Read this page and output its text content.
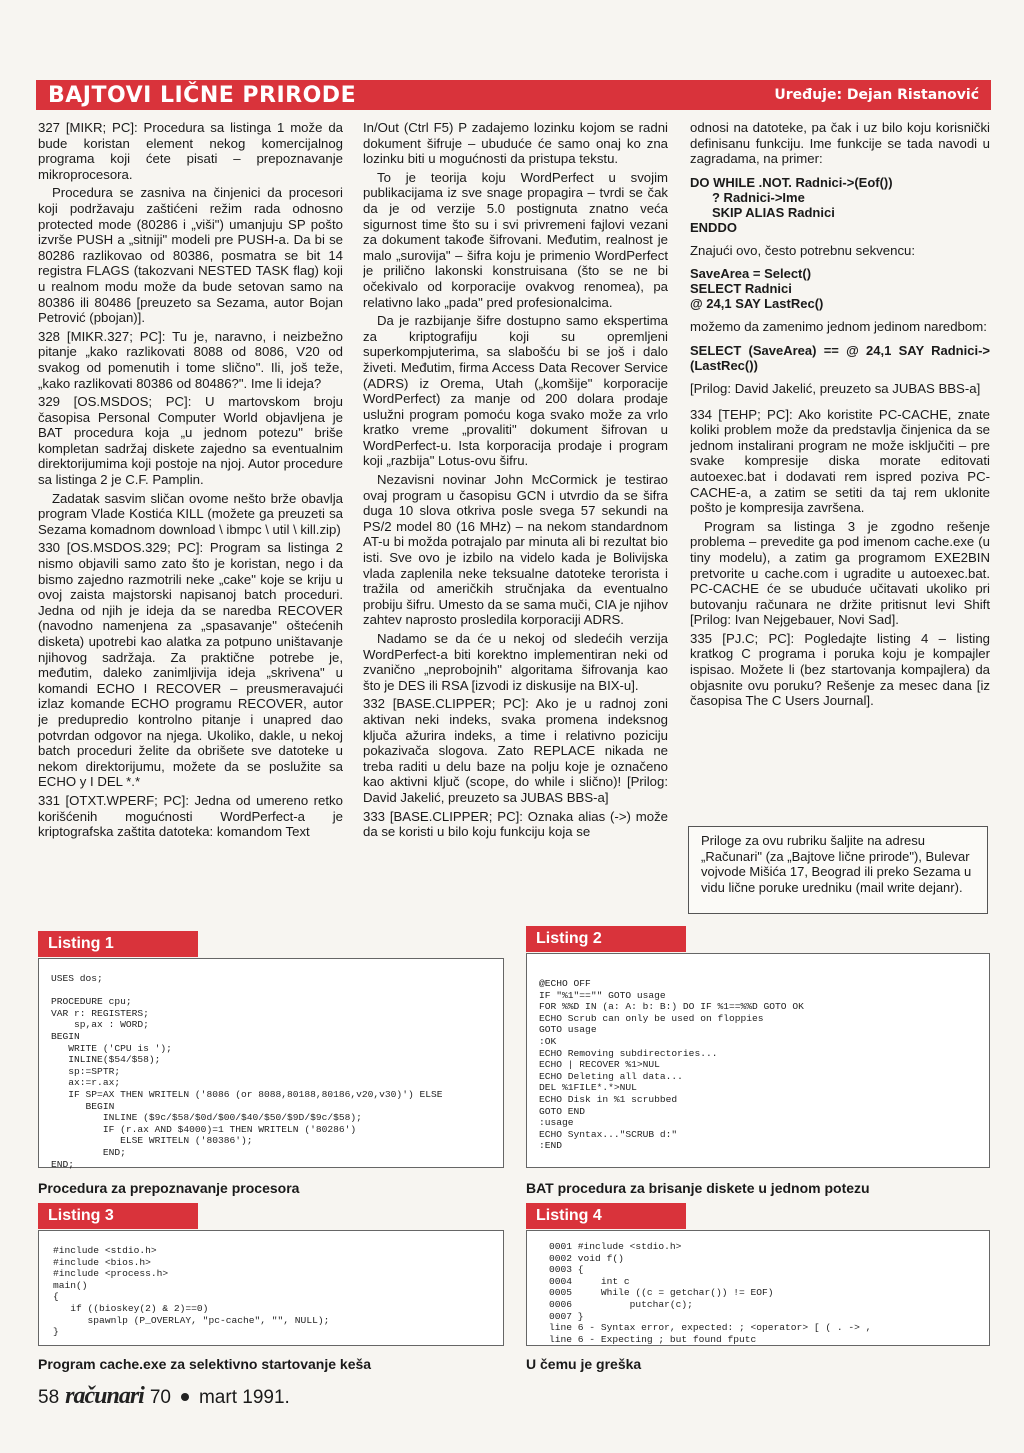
BAJTOVI LIČNE PRIRODE	Uređuje: Dejan Ristanović

327 [MIKR; PC]: Procedura sa listinga 1 može da bude koristan element nekog komercijalnog programa koji ćete pisati – prepoznavanje mikroprocesora.

Procedura se zasniva na činjenici da procesori koji podržavaju zaštićeni režim rada odnosno protected mode (80286 i „viši") umanjuju SP pošto izvrše PUSH a „sitniji" modeli pre PUSH-a. Da bi se 80286 razlikovao od 80386, posmatra se bit 14 registra FLAGS (takozvani NESTED TASK flag) koji u realnom modu može da bude setovan samo na 80386 ili 80486 [preuzeto sa Sezama, autor Bojan Petrović (pbojan)].

328 [MIKR.327; PC]: Tu je, naravno, i neizbežno pitanje „kako razlikovati 8088 od 8086, V20 od svakog od pomenutih i tome slično". Ili, još teže, „kako razlikovati 80386 od 80486?". Ime li ideja?

329 [OS.MSDOS; PC]: U martovskom broju časopisa Personal Computer World objavljena je BAT procedura koja „u jednom potezu" briše kompletan sadržaj diskete zajedno sa eventualnim direktorijumima koji postoje na njoj. Autor procedure sa listinga 2 je C.F. Pamplin.

Zadatak sasvim sličan ovome nešto brže obavlja program Vlade Kostića KILL (možete ga preuzeti sa Sezama komadnom download \ ibmpc \ util \ kill.zip)

330 [OS.MSDOS.329; PC]: Program sa listinga 2 nismo objavili samo zato što je koristan, nego i da bismo zajedno razmotrili neke „cake" koje se kriju u ovoj zaista majstorski napisanoj batch proceduri. Jedna od njih je ideja da se naredba RECOVER (navodno namenjena za „spasavanje" oštećenih disketa) upotrebi kao alatka za potpuno uništavanje njihovog sadržaja. Za praktične potrebe je, međutim, daleko zanimljivija ideja „skrivena" u komandi ECHO I RECOVER – preusmeravajući izlaz komande ECHO programu RECOVER, autor je predupredio kontrolno pitanje i unapred dao potvrdan odgovor na njega. Ukoliko, dakle, u nekoj batch proceduri želite da obrišete sve datoteke u nekom direktorijumu, možete da se poslužite sa ECHO y I DEL *.*

331 [OTXT.WPERF; PC]: Jedna od umereno retko korišćenih mogućnosti WordPerfect-a je kriptografska zaštita datoteka: komandom Text

In/Out (Ctrl F5) P zadajemo lozinku kojom se radni dokument šifruje – ubuduće će samo onaj ko zna lozinku biti u mogućnosti da pristupa tekstu.

To je teorija koju WordPerfect u svojim publikacijama iz sve snage propagira – tvrdi se čak da je od verzije 5.0 postignuta znatno veća sigurnost time što su i svi privremeni fajlovi vezani za dokument takođe šifrovani. Međutim, realnost je malo „surovija" – šifra koju je primenio WordPerfect je prilično lakonski konstruisana (što se ne bi očekivalo od korporacije ovakvog renomea), pa relativno lako „pada" pred profesionalcima.

Da je razbijanje šifre dostupno samo ekspertima za kriptografiju koji su opremljeni superkompjuterima, sa slabošću bi se još i dalo živeti. Međutim, firma Access Data Recover Service (ADRS) iz Orema, Utah („komšije" korporacije WordPerfect) za manje od 200 dolara prodaje uslužni program pomoću koga svako može za vrlo kratko vreme „provaliti" dokument šifrovan u WordPerfect-u. Ista korporacija prodaje i program koji „razbija" Lotus-ovu šifru.

Nezavisni novinar John McCormick je testirao ovaj program u časopisu GCN i utvrdio da se šifra duga 10 slova otkriva posle svega 57 sekundi na PS/2 model 80 (16 MHz) – na nekom standardnom AT-u bi možda potrajalo par minuta ali bi rezultat bio isti. Sve ovo je izbilo na videlo kada je Bolivijska vlada zaplenila neke teksualne datoteke terorista i tražila od američkih stručnjaka da eventualno probiju šifru. Umesto da se sama muči, CIA je njihov zahtev naprosto prosledila korporaciji ADRS.

Nadamo se da će u nekoj od sledećih verzija WordPerfect-a biti korektno implementiran neki od zvanično „neprobojnih" algoritama šifrovanja kao što je DES ili RSA [izvodi iz diskusije na BIX-u].

332 [BASE.CLIPPER; PC]: Ako je u radnoj zoni aktivan neki indeks, svaka promena indeksnog ključa ažurira indeks, a time i relativno poziciju pokazivača slogova. Zato REPLACE nikada ne treba raditi u delu baze na polju koje je označeno kao aktivni ključ (scope, do while i slično)! [Prilog: David Jakelić, preuzeto sa JUBAS BBS-a]

333 [BASE.CLIPPER; PC]: Oznaka alias (->) može da se koristi u bilo koju funkciju koja se

odnosi na datoteke, pa čak i uz bilo koju korisnički definisanu funkciju. Ime funkcije se tada navodi u zagradama, na primer:

DO WHILE .NOT. Radnici->(Eof())
? Radnici->Ime
SKIP ALIAS Radnici
ENDDO

Znajući ovo, često potrebnu sekvencu:

SaveArea = Select()
SELECT Radnici
@ 24,1 SAY LastRec()

možemo da zamenimo jednom jedinom naredbom:

SELECT (SaveArea) == @ 24,1 SAY Radnici->(LastRec())

[Prilog: David Jakelić, preuzeto sa JUBAS BBS-a]

334 [TEHP; PC]: Ako koristite PC-CACHE, znate koliki problem može da predstavlja činjenica da se jednom instalirani program ne može isključiti – pre svake kompresije diska morate editovati autoexec.bat i dodavati rem ispred poziva PC-CACHE-a, a zatim se setiti da taj rem uklonite pošto je kompresija završena.

Program sa listinga 3 je zgodno rešenje problema – prevedite ga pod imenom cache.exe (u tiny modelu), a zatim ga programom EXE2BIN pretvorite u cache.com i ugradite u autoexec.bat. PC-CACHE će se ubuduće učitavati ukoliko pri butovanju računara ne držite pritisnut levi Shift [Prilog: Ivan Nejgebauer, Novi Sad].

335 [PJ.C; PC]: Pogledajte listing 4 – listing kratkog C programa i poruka koju je kompajler ispisao. Možete li (bez startovanja kompajlera) da objasnite ovu poruku? Rešenje za mesec dana [iz časopisa The C Users Journal].

Priloge za ovu rubriku šaljite na adresu „Računari" (za „Bajtove lične prirode"), Bulevar vojvode Mišića 17, Beograd ili preko Sezama u vidu lične poruke uredniku (mail write dejanr).
Listing 1
USES dos;

PROCEDURE cpu;
VAR r: REGISTERS;
sp,ax : WORD;
BEGIN
WRITE ('CPU is ');
INLINE($54/$58);
sp:=SPTR;
ax:=r.ax;
IF SP=AX THEN WRITELN ('8086 (or 8088,80188,80186,v20,v30)') ELSE
BEGIN
INLINE ($9c/$58/$0d/$00/$40/$50/$9D/$9c/$58);
IF (r.ax AND $4000)=1 THEN WRITELN ('80286')
ELSE WRITELN ('80386');
END;
END;
Procedura za prepoznavanje procesora
Listing 2
@ECHO OFF
IF "%1"=="" GOTO usage
FOR %%D IN (a: A: b: B:) DO IF %1==%%D GOTO OK
ECHO Scrub can only be used on floppies
GOTO usage
:OK
ECHO Removing subdirectories...
ECHO | RECOVER %1>NUL
ECHO Deleting all data...
DEL %1FILE*.*>NUL
ECHO Disk in %1 scrubbed
GOTO END
:usage
ECHO Syntax..."SCRUB d:"
:END
BAT procedura za brisanje diskete u jednom potezu
Listing 3
#include <stdio.h>
#include <bios.h>
#include <process.h>
main()
{
if ((bioskey(2) & 2)==0)
spawnlp (P_OVERLAY, "pc-cache", "", NULL);
}
Program cache.exe za selektivno startovanje keša
Listing 4
0001 #include <stdio.h>
0002 void f()
0003 {
0004     int c
0005     While ((c = getchar()) != EOF)
0006          putchar(c);
0007 }
line 6 - Syntax error, expected: ; <operator> [ ( . -> ,
line 6 - Expecting ; but found fputc
U čemu je greška
58 računari 70 mart 1991.
